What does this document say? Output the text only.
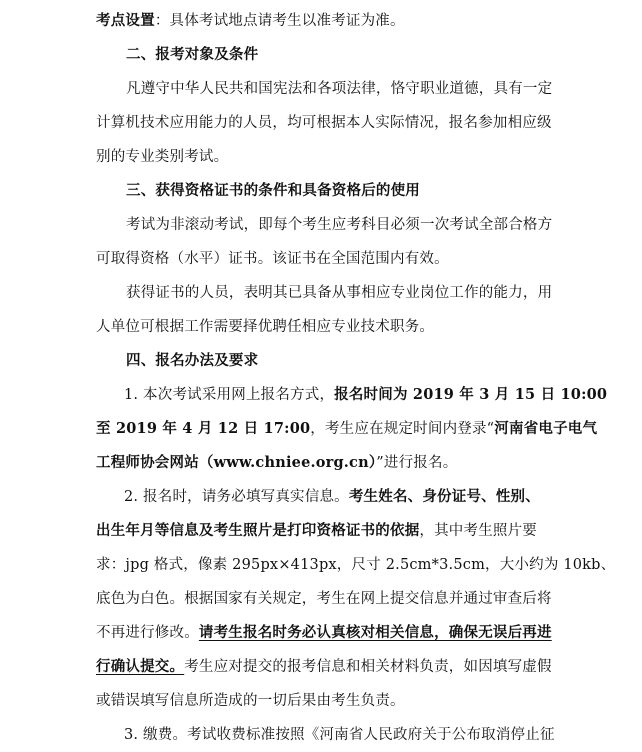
考点设置：具体考试地点请考生以准考证为准。
二、报考对象及条件
凡遵守中华人民共和国宪法和各项法律，恪守职业道德，具有一定
计算机技术应用能力的人员，均可根据本人实际情况，报名参加相应级
别的专业类别考试。
三、获得资格证书的条件和具备资格后的使用
考试为非滚动考试，即每个考生应考科目必须一次考试全部合格方
可取得资格（水平）证书。该证书在全国范围内有效。
获得证书的人员，表明其已具备从事相应专业岗位工作的能力，用
人单位可根据工作需要择优聘任相应专业技术职务。
四、报名办法及要求
1. 本次考试采用网上报名方式，报名时间为 2019 年 3 月 15 日 10:00
至 2019 年 4 月 12 日 17:00，考生应在规定时间内登录“河南省电子电气
工程师协会网站（www.chniee.org.cn）”进行报名。
2. 报名时，请务必填写真实信息。考生姓名、身份证号、性别、
出生年月等信息及考生照片是打印资格证书的依据，其中考生照片要
求：jpg 格式，像素 295px×413px，尺寸 2.5cm*3.5cm，大小约为 10kb、
底色为白色。根据国家有关规定，考生在网上提交信息并通过审查后将
不再进行修改。请考生报名时务必认真核对相关信息，确保无误后再进
行确认提交。考生应对提交的报考信息和相关材料负责，如因填写虚假
或错误填写信息所造成的一切后果由考生负责。
3. 缴费。考试收费标准按照《河南省人民政府关于公布取消停止征
